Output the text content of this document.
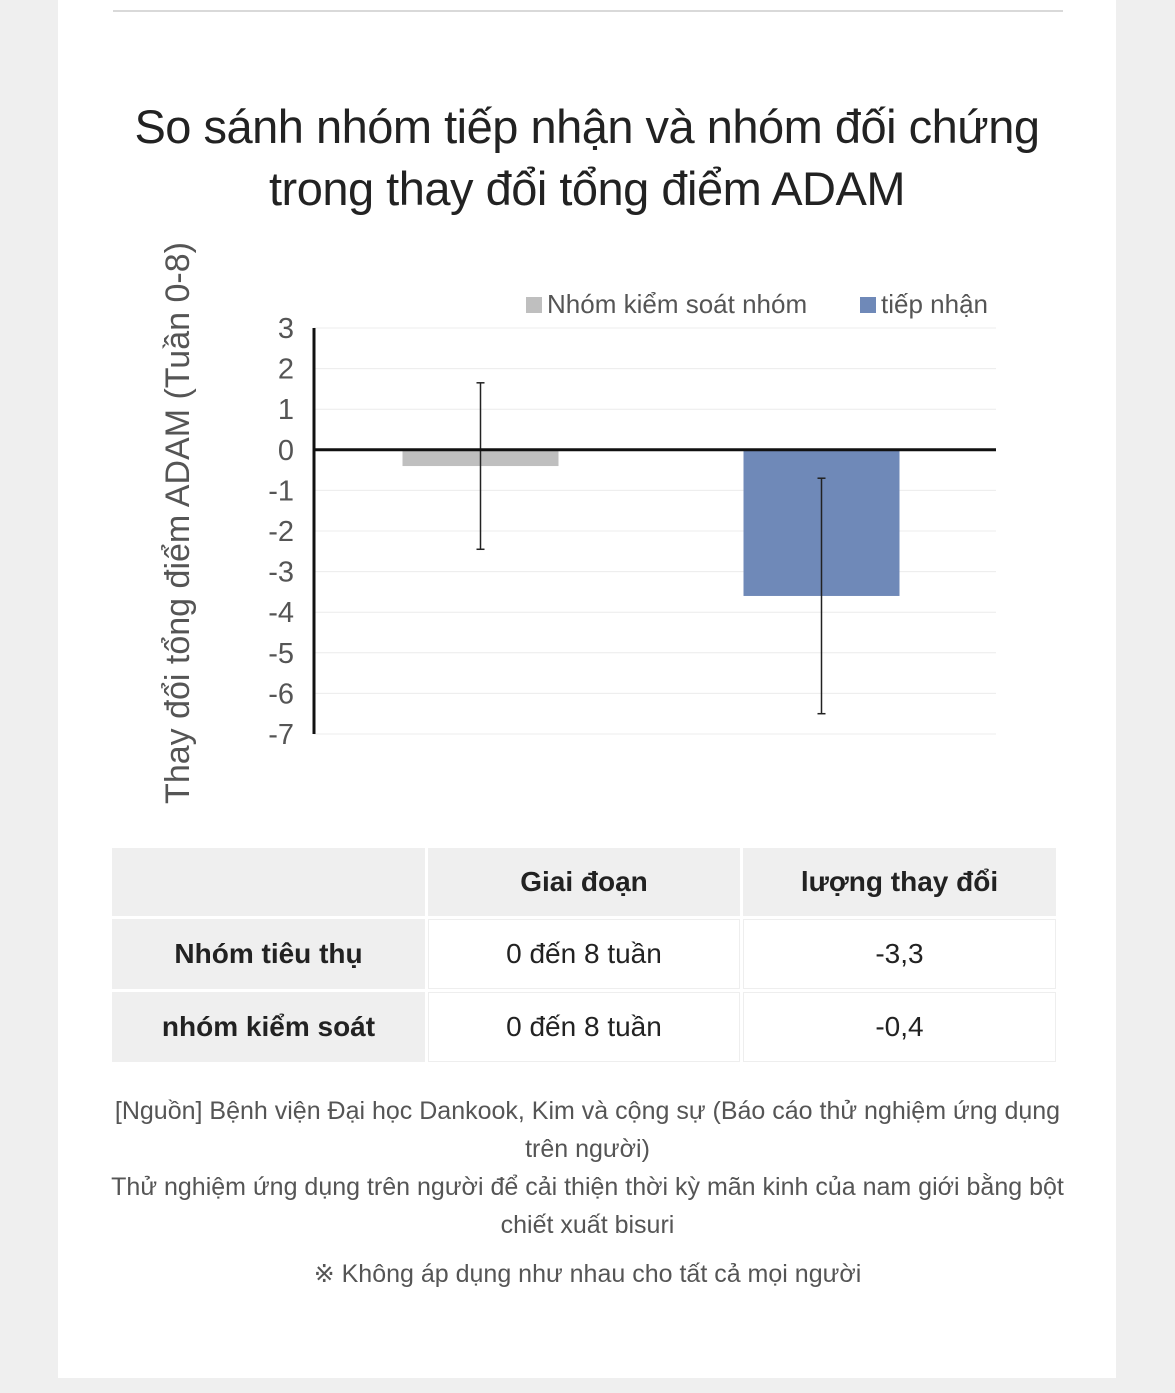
So sánh nhóm tiếp nhận và nhóm đối chứng
trong thay đổi tổng điểm ADAM
3
2
1
0
-1
-2
-3
-4
-5
-6
-7
Nhóm kiểm soát nhóm	tiếp nhận
Thay đổi tổng điểm ADAM (Tuần 0-8)
	Giai đoạn	lượng thay đổi
Nhóm tiêu thụ	0 đến 8 tuần	-3,3
nhóm kiểm soát	0 đến 8 tuần	-0,4
[Nguồn] Bệnh viện Đại học Dankook, Kim và cộng sự (Báo cáo thử nghiệm ứng dụng trên người)
Thử nghiệm ứng dụng trên người để cải thiện thời kỳ mãn kinh của nam giới bằng bột chiết xuất bisuri
※ Không áp dụng như nhau cho tất cả mọi người
